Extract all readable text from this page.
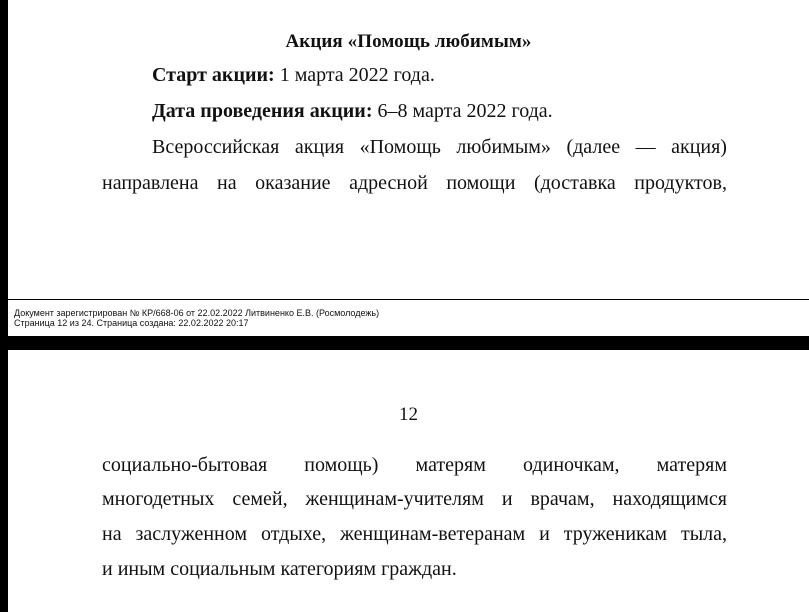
Акция «Помощь любимым»
Старт акции: 1 марта 2022 года.
Дата проведения акции: 6–8 марта 2022 года.
Всероссийская акция «Помощь любимым» (далее — акция)
направлена на оказание адресной помощи (доставка продуктов,
Документ зарегистрирован № КР/668-06 от 22.02.2022 Литвиненко Е.В. (Росмолодежь)
Страница 12 из 24. Страница создана: 22.02.2022 20:17
12
социально-бытовая помощь) матерям одиночкам, матерям
многодетных семей, женщинам-учителям и врачам, находящимся
на заслуженном отдыхе, женщинам-ветеранам и труженикам тыла,
и иным социальным категориям граждан.
